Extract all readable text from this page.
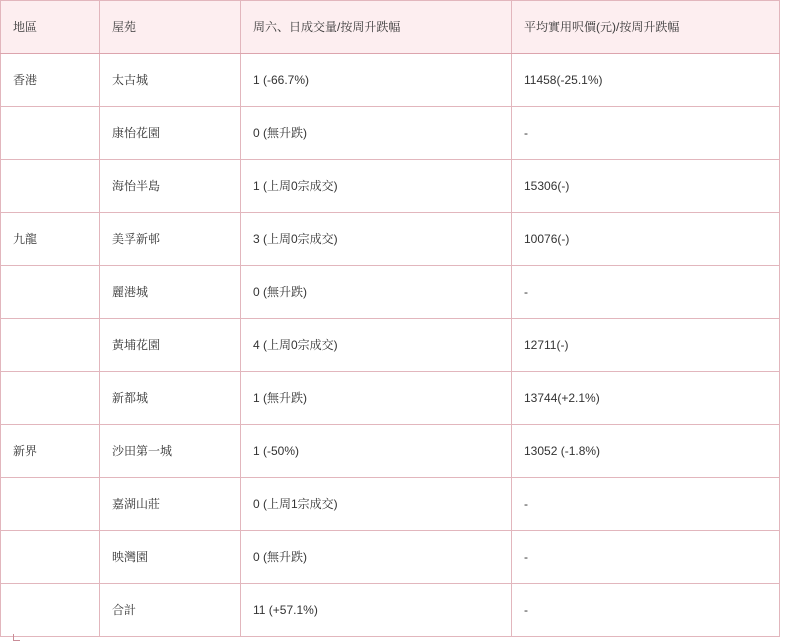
地區	屋苑	周六、日成交量/按周升跌幅	平均實用呎價(元)/按周升跌幅
香港	太古城	1 (-66.7%)	11458(-25.1%)
	康怡花園	0 (無升跌)	-
	海怡半島	1 (上周0宗成交)	15306(-)
九龍	美孚新邨	3 (上周0宗成交)	10076(-)
	麗港城	0 (無升跌)	-
	黃埔花園	4 (上周0宗成交)	12711(-)
	新都城	1 (無升跌)	13744(+2.1%)
新界	沙田第一城	1 (-50%)	13052 (-1.8%)
	嘉湖山莊	0 (上周1宗成交)	-
	映灣園	0 (無升跌)	-
	合計	11 (+57.1%)	-
